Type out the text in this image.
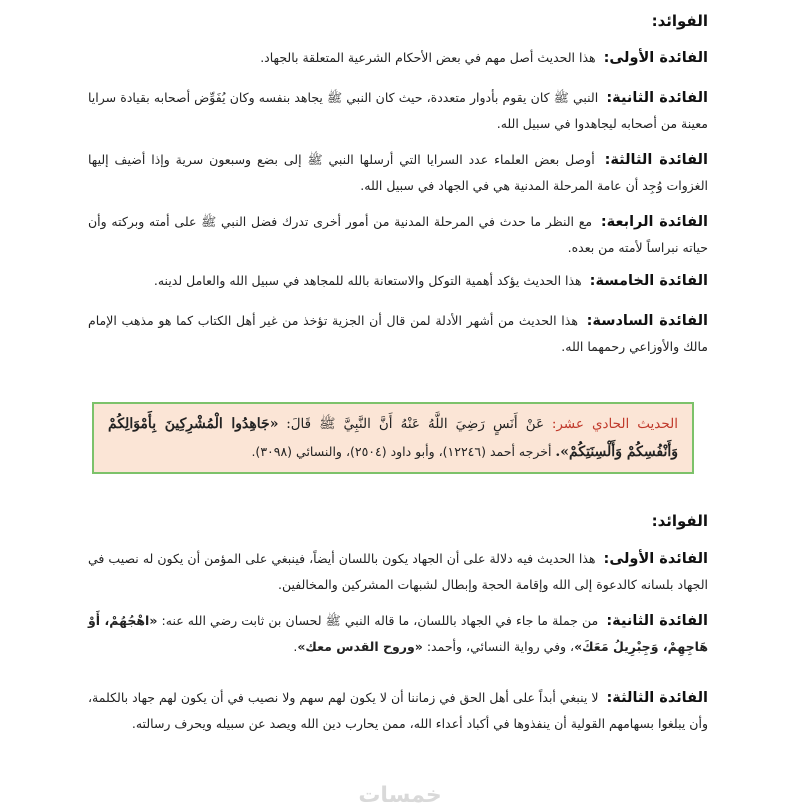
الفوائد:
الفائدة الأولى: هذا الحديث أصل مهم في بعض الأحكام الشرعية المتعلقة بالجهاد.
الفائدة الثانية: النبي ﷺ كان يقوم بأدوار متعددة، حيث كان النبي ﷺ يجاهد بنفسه وكان يُفَوِّض أصحابه بقيادة سرايا معينة من أصحابه ليجاهدوا في سبيل الله.
الفائدة الثالثة: أوصل بعض العلماء عدد السرايا التي أرسلها النبي ﷺ إلى بضع وسبعون سرية وإذا أضيف إليها الغزوات وُجِد أن عامة المرحلة المدنية هي في الجهاد في سبيل الله.
الفائدة الرابعة: مع النظر ما حدث في المرحلة المدنية من أمور أخرى تدرك فضل النبي ﷺ على أمته وبركته وأن حياته نبراساً لأمته من بعده.
الفائدة الخامسة: هذا الحديث يؤكد أهمية التوكل والاستعانة بالله للمجاهد في سبيل الله والعامل لدينه.
الفائدة السادسة: هذا الحديث من أشهر الأدلة لمن قال أن الجزية تؤخذ من غير أهل الكتاب كما هو مذهب الإمام مالك والأوزاعي رحمهما الله.
الحديث الحادي عشر: عَنْ أَنَسٍ رَضِيَ اللَّهُ عَنْهُ أَنَّ النَّبِيَّ ﷺ قَالَ: «جَاهِدُوا الْمُشْرِكِينَ بِأَمْوَالِكُمْ وَأَنْفُسِكُمْ وَأَلْسِنَتِكُمْ». أخرجه أحمد (١٢٢٤٦)، وأبو داود (٢٥٠٤)، والنسائي (٣٠٩٨).
الفوائد:
الفائدة الأولى: هذا الحديث فيه دلالة على أن الجهاد يكون باللسان أيضاً، فينبغي على المؤمن أن يكون له نصيب في الجهاد بلسانه كالدعوة إلى الله وإقامة الحجة وإبطال لشبهات المشركين والمخالفين.
الفائدة الثانية: من جملة ما جاء في الجهاد باللسان، ما قاله النبي ﷺ لحسان بن ثابت رضي الله عنه: «اهْجُهُمْ، أَوْ هَاجِهِمْ، وَجِبْرِيلُ مَعَكَ»، وفي رواية النسائي، وأحمد: «وروح القدس معك».
الفائدة الثالثة: لا ينبغي أبداً على أهل الحق في زماننا أن لا يكون لهم سهم ولا نصيب في أن يكون لهم جهاد بالكلمة، وأن يبلغوا بسهامهم القولية أن ينفذوها في أكباد أعداء الله، ممن يحارب دين الله ويصد عن سبيله ويحرف رسالته.
خمسات
